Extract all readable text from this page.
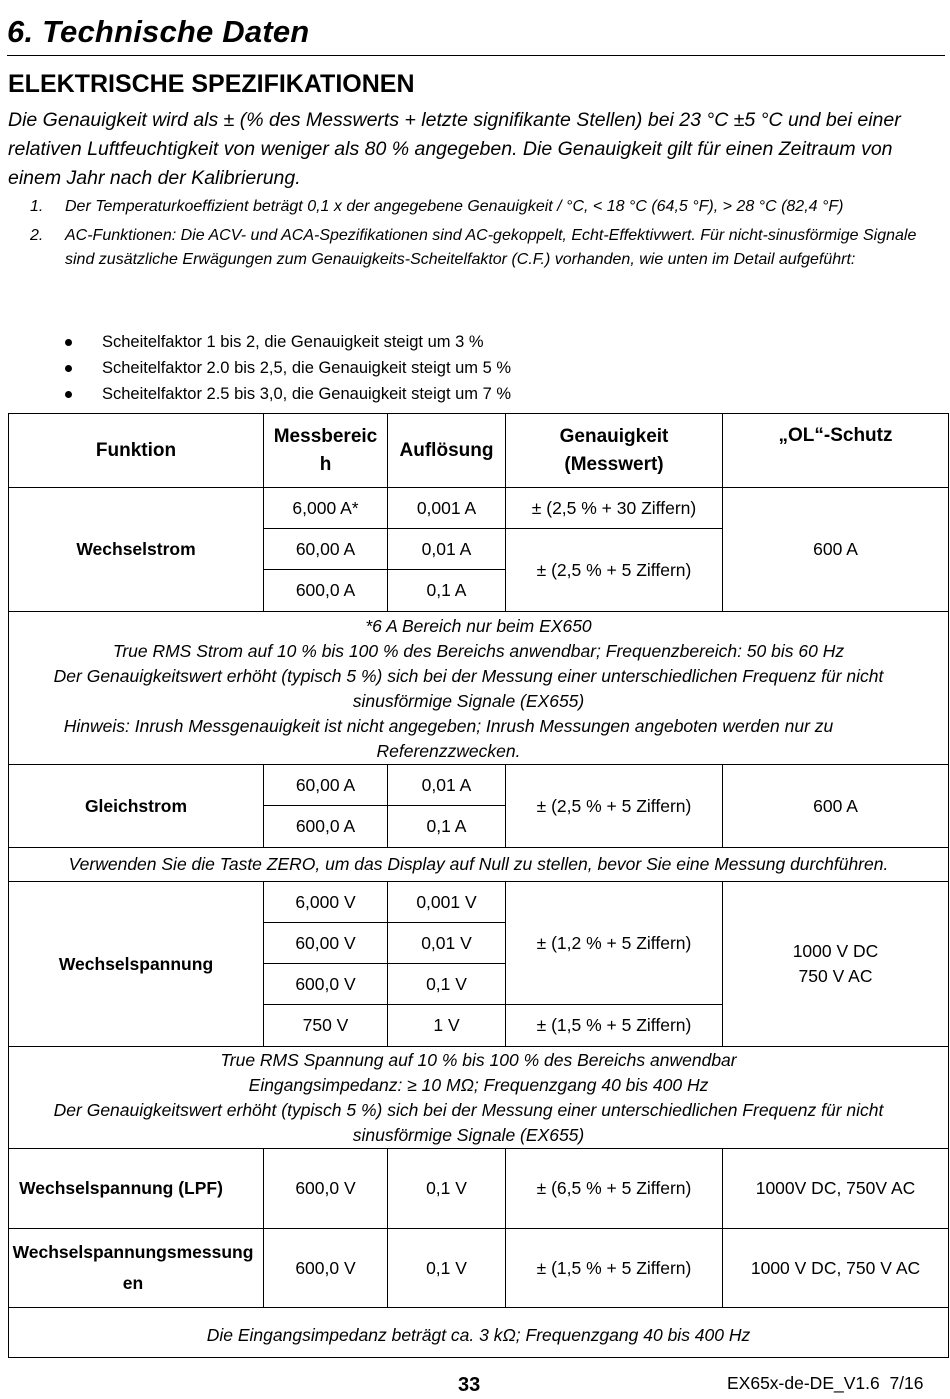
6. Technische Daten
ELEKTRISCHE SPEZIFIKATIONEN
Die Genauigkeit wird als ± (% des Messwerts + letzte signifikante Stellen) bei 23 °C ±5 °C und bei einer relativen Luftfeuchtigkeit von weniger als 80 % angegeben. Die Genauigkeit gilt für einen Zeitraum von einem Jahr nach der Kalibrierung.
1.	Der Temperaturkoeffizient beträgt 0,1 x der angegebene Genauigkeit / °C, < 18 °C (64,5 °F), > 28 °C (82,4 °F)
2.	AC-Funktionen: Die ACV- und ACA-Spezifikationen sind AC-gekoppelt, Echt-Effektivwert. Für nicht-sinusförmige Signale sind zusätzliche Erwägungen zum Genauigkeits-Scheitelfaktor (C.F.) vorhanden, wie unten im Detail aufgeführt:
Scheitelfaktor 1 bis 2, die Genauigkeit steigt um 3 %
Scheitelfaktor 2.0 bis 2,5, die Genauigkeit steigt um 5 %
Scheitelfaktor 2.5 bis 3,0, die Genauigkeit steigt um 7 %
Funktion	Messbereich	Auflösung	Genauigkeit (Messwert)	„OL“-Schutz
Wechselstrom	6,000 A*	0,001 A	± (2,5 % + 30 Ziffern)	600 A
	60,00 A	0,01 A	± (2,5 % + 5 Ziffern)	
	600,0 A	0,1 A		

*6 A Bereich nur beim EX650
True RMS Strom auf 10 % bis 100 % des Bereichs anwendbar; Frequenzbereich: 50 bis 60 Hz
Der Genauigkeitswert erhöht (typisch 5 %) sich bei der Messung einer unterschiedlichen Frequenz für nicht sinusförmige Signale (EX655)
Hinweis: Inrush Messgenauigkeit ist nicht angegeben; Inrush Messungen angeboten werden nur zu Referenzzwecken.				

Gleichstrom	60,00 A	0,01 A	± (2,5 % + 5 Ziffern)	600 A
	600,0 A	0,1 A		
Verwenden Sie die Taste ZERO, um das Display auf Null zu stellen, bevor Sie eine Messung durchführen.				
Wechselspannung	6,000 V	0,001 V	± (1,2 % + 5 Ziffern)	1000 V DC
750 V AC

	60,00 V	0,01 V		
	600,0 V	0,1 V		
	750 V	1 V	± (1,5 % + 5 Ziffern)	

True RMS Spannung auf 10 % bis 100 % des Bereichs anwendbar
Eingangsimpedanz: ≥ 10 MΩ; Frequenzgang 40 bis 400 Hz
Der Genauigkeitswert erhöht (typisch 5 %) sich bei der Messung einer unterschiedlichen Frequenz für nicht sinusförmige Signale (EX655)				

Wechselspannung (LPF)	600,0 V	0,1 V	± (6,5 % + 5 Ziffern)	1000V DC, 750V AC
Wechselspannungsmessungen	600,0 V	0,1 V	± (1,5 % + 5 Ziffern)	1000 V DC, 750 V AC
Die Eingangsimpedanz beträgt ca. 3 kΩ; Frequenzgang 40 bis 400 Hz				
33	EX65x-de-DE_V1.6  7/16
